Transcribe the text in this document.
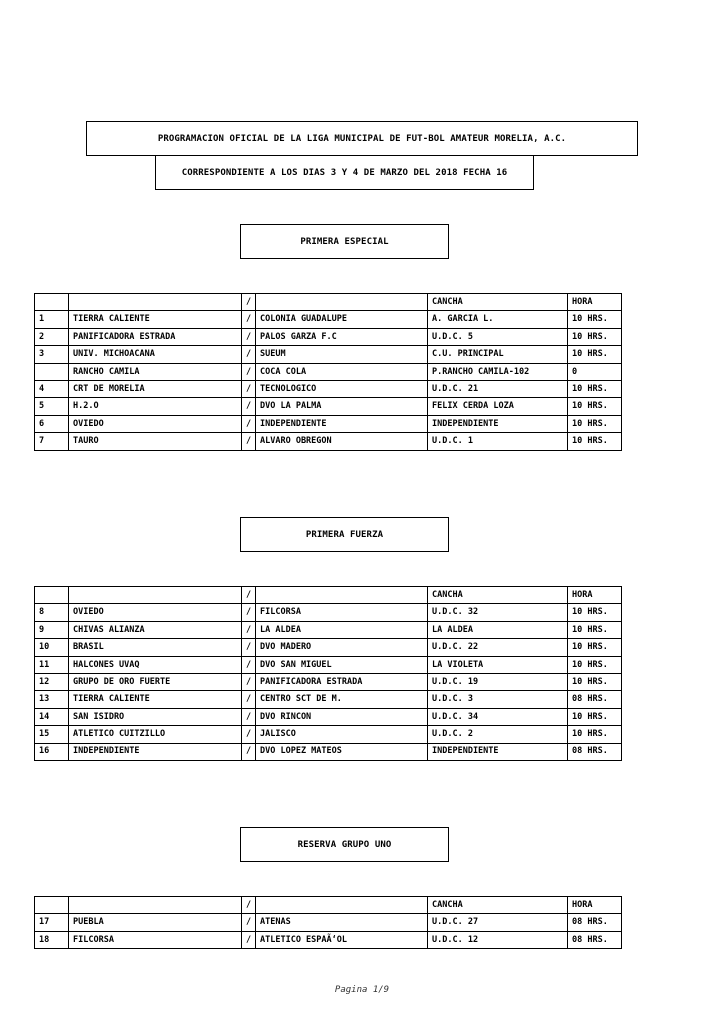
PROGRAMACION OFICIAL DE LA LIGA MUNICIPAL DE FUT-BOL AMATEUR MORELIA, A.C.
CORRESPONDIENTE A LOS DIAS 3 Y 4 DE MARZO DEL 2018 FECHA 16
PRIMERA ESPECIAL
		/		CANCHA	HORA
1	TIERRA CALIENTE	/	COLONIA GUADALUPE	A. GARCIA L.	10 HRS.
2	PANIFICADORA ESTRADA	/	PALOS GARZA F.C	U.D.C. 5	10 HRS.
3	UNIV. MICHOACANA	/	SUEUM	C.U. PRINCIPAL	10 HRS.
	RANCHO CAMILA	/	COCA COLA	P.RANCHO CAMILA-102	0
4	CRT DE MORELIA	/	TECNOLOGICO	U.D.C. 21	10 HRS.
5	H.2.O	/	DVO LA PALMA	FELIX CERDA LOZA	10 HRS.
6	OVIEDO	/	INDEPENDIENTE	INDEPENDIENTE	10 HRS.
7	TAURO	/	ALVARO OBREGON	U.D.C. 1	10 HRS.
PRIMERA FUERZA
		/		CANCHA	HORA
8	OVIEDO	/	FILCORSA	U.D.C. 32	10 HRS.
9	CHIVAS ALIANZA	/	LA ALDEA	LA ALDEA	10 HRS.
10	BRASIL	/	DVO MADERO	U.D.C. 22	10 HRS.
11	HALCONES UVAQ	/	DVO SAN MIGUEL	LA VIOLETA	10 HRS.
12	GRUPO DE ORO FUERTE	/	PANIFICADORA ESTRADA	U.D.C. 19	10 HRS.
13	TIERRA CALIENTE	/	CENTRO SCT DE M.	U.D.C. 3	08 HRS.
14	SAN ISIDRO	/	DVO RINCON	U.D.C. 34	10 HRS.
15	ATLETICO CUITZILLO	/	JALISCO	U.D.C. 2	10 HRS.
16	INDEPENDIENTE	/	DVO LOPEZ MATEOS	INDEPENDIENTE	08 HRS.
RESERVA GRUPO UNO
		/		CANCHA	HORA
17	PUEBLA	/	ATENAS	U.D.C. 27	08 HRS.
18	FILCORSA	/	ATLETICO ESPAÃ‘OL	U.D.C. 12	08 HRS.
Pagina 1/9
